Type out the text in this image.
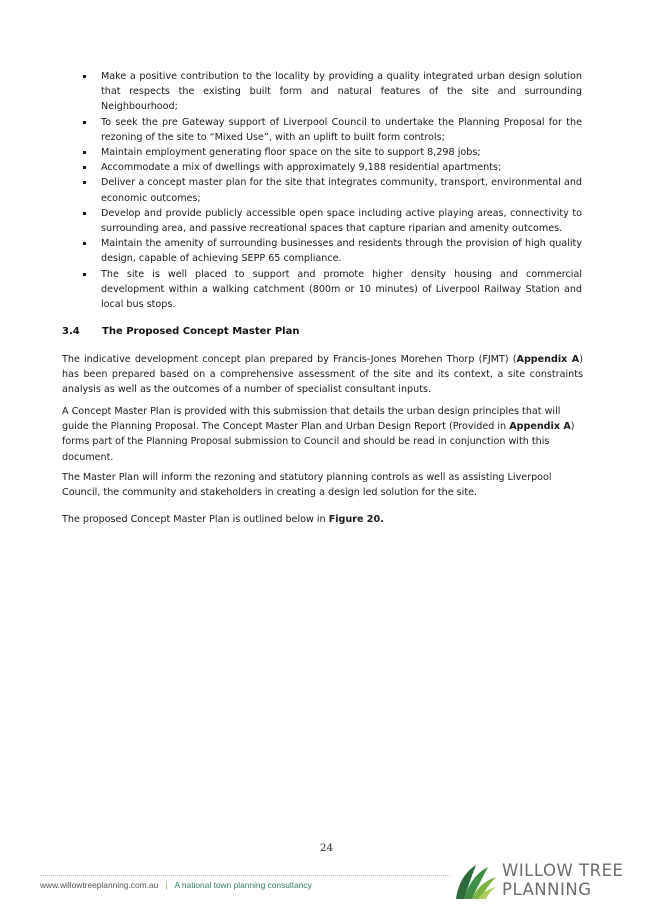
Make a positive contribution to the locality by providing a quality integrated urban design solution that respects the existing built form and natural features of the site and surrounding Neighbourhood;
To seek the pre Gateway support of Liverpool Council to undertake the Planning Proposal for the rezoning of the site to “Mixed Use”, with an uplift to built form controls;
Maintain employment generating floor space on the site to support 8,298 jobs;
Accommodate a mix of dwellings with approximately 9,188 residential apartments;
Deliver a concept master plan for the site that integrates community, transport, environmental and economic outcomes;
Develop and provide publicly accessible open space including active playing areas, connectivity to surrounding area, and passive recreational spaces that capture riparian and amenity outcomes.
Maintain the amenity of surrounding businesses and residents through the provision of high quality design, capable of achieving SEPP 65 compliance.
The site is well placed to support and promote higher density housing and commercial development within a walking catchment (800m or 10 minutes) of Liverpool Railway Station and local bus stops.
3.4 The Proposed Concept Master Plan

The indicative development concept plan prepared by Francis-Jones Morehen Thorp (FJMT) (Appendix A) has been prepared based on a comprehensive assessment of the site and its context, a site constraints analysis as well as the outcomes of a number of specialist consultant inputs.

A Concept Master Plan is provided with this submission that details the urban design principles that will guide the Planning Proposal. The Concept Master Plan and Urban Design Report (Provided in Appendix A) forms part of the Planning Proposal submission to Council and should be read in conjunction with this document.

The Master Plan will inform the rezoning and statutory planning controls as well as assisting Liverpool Council, the community and stakeholders in creating a design led solution for the site.

The proposed Concept Master Plan is outlined below in Figure 20.

24
www.willowtreeplanning.com.au | A national town planning consultancy
WILLOW TREE
PLANNING
